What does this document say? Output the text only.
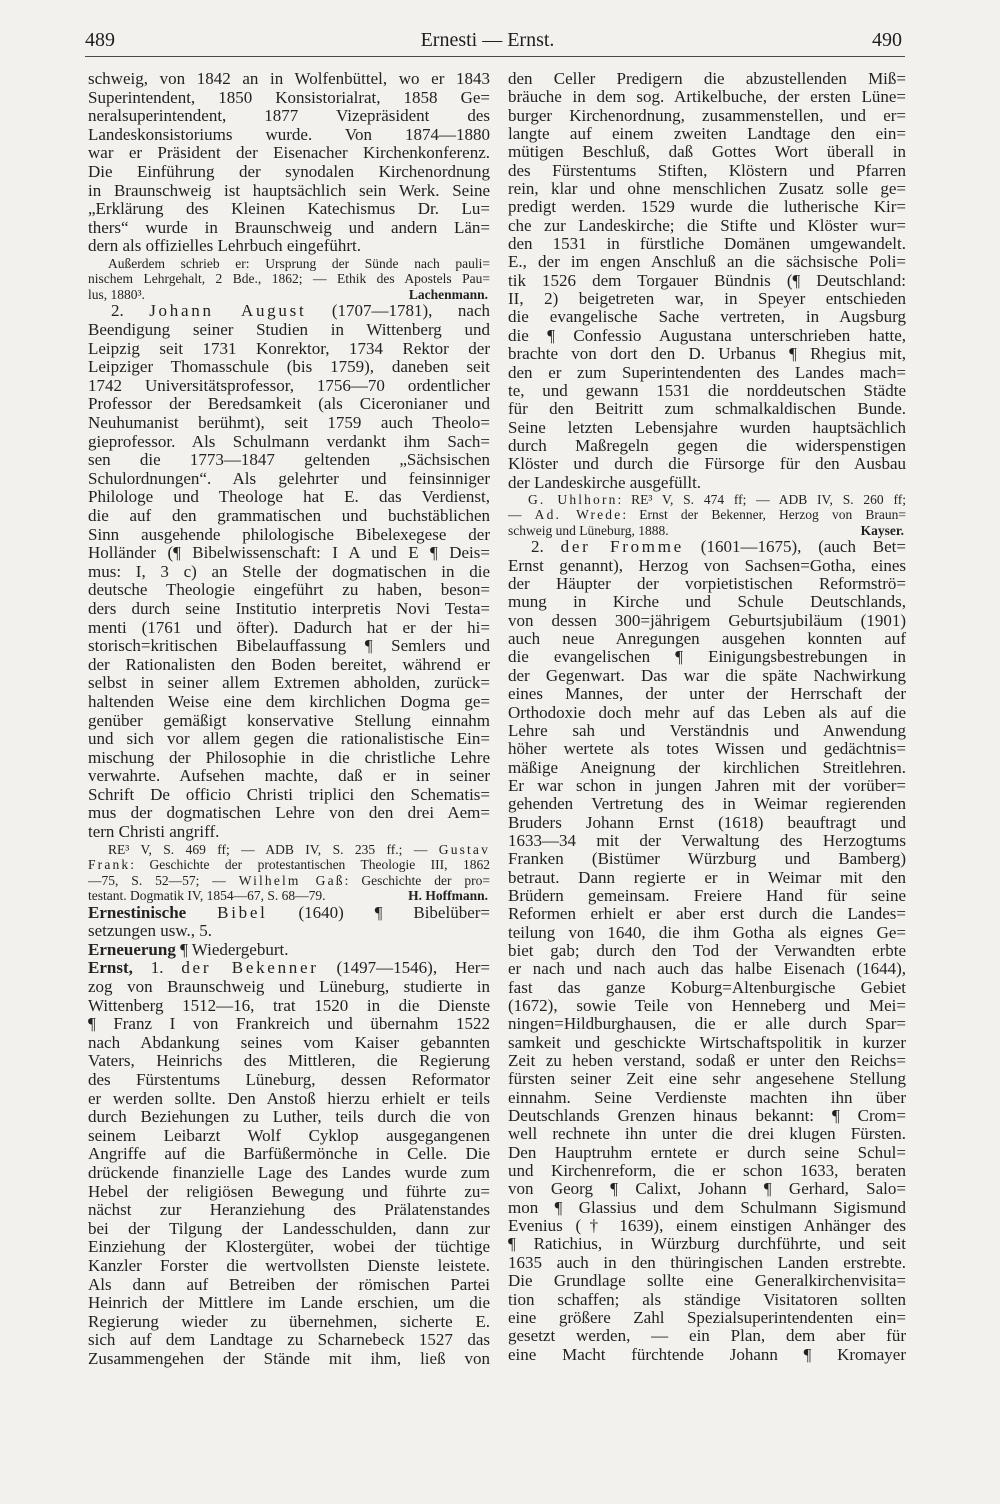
489	Ernesti — Ernst.	490
schweig, von 1842 an in Wolfenbüttel, wo er 1843
Superintendent, 1850 Konsistorialrat, 1858 Ge=
neralsuperintendent, 1877 Vizepräsident des
Landeskonsistoriums wurde. Von 1874—1880
war er Präsident der Eisenacher Kirchenkonferenz.
Die Einführung der synodalen Kirchenordnung
in Braunschweig ist hauptsächlich sein Werk. Seine
„Erklärung des Kleinen Katechismus Dr. Lu=
thers“ wurde in Braunschweig und andern Län=
dern als offizielles Lehrbuch eingeführt.
Außerdem schrieb er: Ursprung der Sünde nach pauli=
nischem Lehrgehalt, 2 Bde., 1862; — Ethik des Apostels Pau=
lus, 1880³.	Lachenmann.
2. Johann August (1707—1781), nach
Beendigung seiner Studien in Wittenberg und
Leipzig seit 1731 Konrektor, 1734 Rektor der
Leipziger Thomasschule (bis 1759), daneben seit
1742 Universitätsprofessor, 1756—70 ordentlicher
Professor der Beredsamkeit (als Ciceronianer und
Neuhumanist berühmt), seit 1759 auch Theolo=
gieprofessor. Als Schulmann verdankt ihm Sach=
sen die 1773—1847 geltenden „Sächsischen
Schulordnungen“. Als gelehrter und feinsinniger
Philologe und Theologe hat E. das Verdienst,
die auf den grammatischen und buchstäblichen
Sinn ausgehende philologische Bibelexegese der
Holländer (¶ Bibelwissenschaft: I A und E ¶ Deis=
mus: I, 3 c) an Stelle der dogmatischen in die
deutsche Theologie eingeführt zu haben, beson=
ders durch seine Institutio interpretis Novi Testa=
menti (1761 und öfter). Dadurch hat er der hi=
storisch=kritischen Bibelauffassung ¶ Semlers und
der Rationalisten den Boden bereitet, während er
selbst in seiner allem Extremen abholden, zurück=
haltenden Weise eine dem kirchlichen Dogma ge=
genüber gemäßigt konservative Stellung einnahm
und sich vor allem gegen die rationalistische Ein=
mischung der Philosophie in die christliche Lehre
verwahrte. Aufsehen machte, daß er in seiner
Schrift De officio Christi triplici den Schematis=
mus der dogmatischen Lehre von den drei Aem=
tern Christi angriff.
RE³ V, S. 469 ff; — ADB IV, S. 235 ff.; — Gustav
Frank: Geschichte der protestantischen Theologie III, 1862
—75, S. 52—57; — Wilhelm Gaß: Geschichte der pro=
testant. Dogmatik IV, 1854—67, S. 68—79.	H. Hoffmann.
Ernestinische Bibel (1640) ¶ Bibelüber=
setzungen usw., 5.
Erneuerung ¶ Wiedergeburt.
Ernst, 1. der Bekenner (1497—1546), Her=
zog von Braunschweig und Lüneburg, studierte in
Wittenberg 1512—16, trat 1520 in die Dienste
¶ Franz I von Frankreich und übernahm 1522
nach Abdankung seines vom Kaiser gebannten
Vaters, Heinrichs des Mittleren, die Regierung
des Fürstentums Lüneburg, dessen Reformator
er werden sollte. Den Anstoß hierzu erhielt er teils
durch Beziehungen zu Luther, teils durch die von
seinem Leibarzt Wolf Cyklop ausgegangenen
Angriffe auf die Barfüßermönche in Celle. Die
drückende finanzielle Lage des Landes wurde zum
Hebel der religiösen Bewegung und führte zu=
nächst zur Heranziehung des Prälatenstandes
bei der Tilgung der Landesschulden, dann zur
Einziehung der Klostergüter, wobei der tüchtige
Kanzler Forster die wertvollsten Dienste leistete.
Als dann auf Betreiben der römischen Partei
Heinrich der Mittlere im Lande erschien, um die
Regierung wieder zu übernehmen, sicherte E.
sich auf dem Landtage zu Scharnebeck 1527 das
Zusammengehen der Stände mit ihm, ließ von
den Celler Predigern die abzustellenden Miß=
bräuche in dem sog. Artikelbuche, der ersten Lüne=
burger Kirchenordnung, zusammenstellen, und er=
langte auf einem zweiten Landtage den ein=
mütigen Beschluß, daß Gottes Wort überall in
des Fürstentums Stiften, Klöstern und Pfarren
rein, klar und ohne menschlichen Zusatz solle ge=
predigt werden. 1529 wurde die lutherische Kir=
che zur Landeskirche; die Stifte und Klöster wur=
den 1531 in fürstliche Domänen umgewandelt.
E., der im engen Anschluß an die sächsische Poli=
tik 1526 dem Torgauer Bündnis (¶ Deutschland:
II, 2) beigetreten war, in Speyer entschieden
die evangelische Sache vertreten, in Augsburg
die ¶ Confessio Augustana unterschrieben hatte,
brachte von dort den D. Urbanus ¶ Rhegius mit,
den er zum Superintendenten des Landes mach=
te, und gewann 1531 die norddeutschen Städte
für den Beitritt zum schmalkaldischen Bunde.
Seine letzten Lebensjahre wurden hauptsächlich
durch Maßregeln gegen die widerspenstigen
Klöster und durch die Fürsorge für den Ausbau
der Landeskirche ausgefüllt.
G. Uhlhorn: RE³ V, S. 474 ff; — ADB IV, S. 260 ff;
— Ad. Wrede: Ernst der Bekenner, Herzog von Braun=
schweig und Lüneburg, 1888.	Kayser.
2. der Fromme (1601—1675), (auch Bet=
Ernst genannt), Herzog von Sachsen=Gotha, eines
der Häupter der vorpietistischen Reformströ=
mung in Kirche und Schule Deutschlands,
von dessen 300=jährigem Geburtsjubiläum (1901)
auch neue Anregungen ausgehen konnten auf
die evangelischen ¶ Einigungsbestrebungen in
der Gegenwart. Das war die späte Nachwirkung
eines Mannes, der unter der Herrschaft der
Orthodoxie doch mehr auf das Leben als auf die
Lehre sah und Verständnis und Anwendung
höher wertete als totes Wissen und gedächtnis=
mäßige Aneignung der kirchlichen Streitlehren.
Er war schon in jungen Jahren mit der vorüber=
gehenden Vertretung des in Weimar regierenden
Bruders Johann Ernst (1618) beauftragt und
1633—34 mit der Verwaltung des Herzogtums
Franken (Bistümer Würzburg und Bamberg)
betraut. Dann regierte er in Weimar mit den
Brüdern gemeinsam. Freiere Hand für seine
Reformen erhielt er aber erst durch die Landes=
teilung von 1640, die ihm Gotha als eignes Ge=
biet gab; durch den Tod der Verwandten erbte
er nach und nach auch das halbe Eisenach (1644),
fast das ganze Koburg=Altenburgische Gebiet
(1672), sowie Teile von Henneberg und Mei=
ningen=Hildburghausen, die er alle durch Spar=
samkeit und geschickte Wirtschaftspolitik in kurzer
Zeit zu heben verstand, sodaß er unter den Reichs=
fürsten seiner Zeit eine sehr angesehene Stellung
einnahm. Seine Verdienste machten ihn über
Deutschlands Grenzen hinaus bekannt: ¶ Crom=
well rechnete ihn unter die drei klugen Fürsten.
Den Hauptruhm erntete er durch seine Schul=
und Kirchenreform, die er schon 1633, beraten
von Georg ¶ Calixt, Johann ¶ Gerhard, Salo=
mon ¶ Glassius und dem Schulmann Sigismund
Evenius († 1639), einem einstigen Anhänger des
¶ Ratichius, in Würzburg durchführte, und seit
1635 auch in den thüringischen Landen erstrebte.
Die Grundlage sollte eine Generalkirchenvisita=
tion schaffen; als ständige Visitatoren sollten
eine größere Zahl Spezialsuperintendenten ein=
gesetzt werden, — ein Plan, dem aber für
eine Macht fürchtende Johann ¶ Kromayer
